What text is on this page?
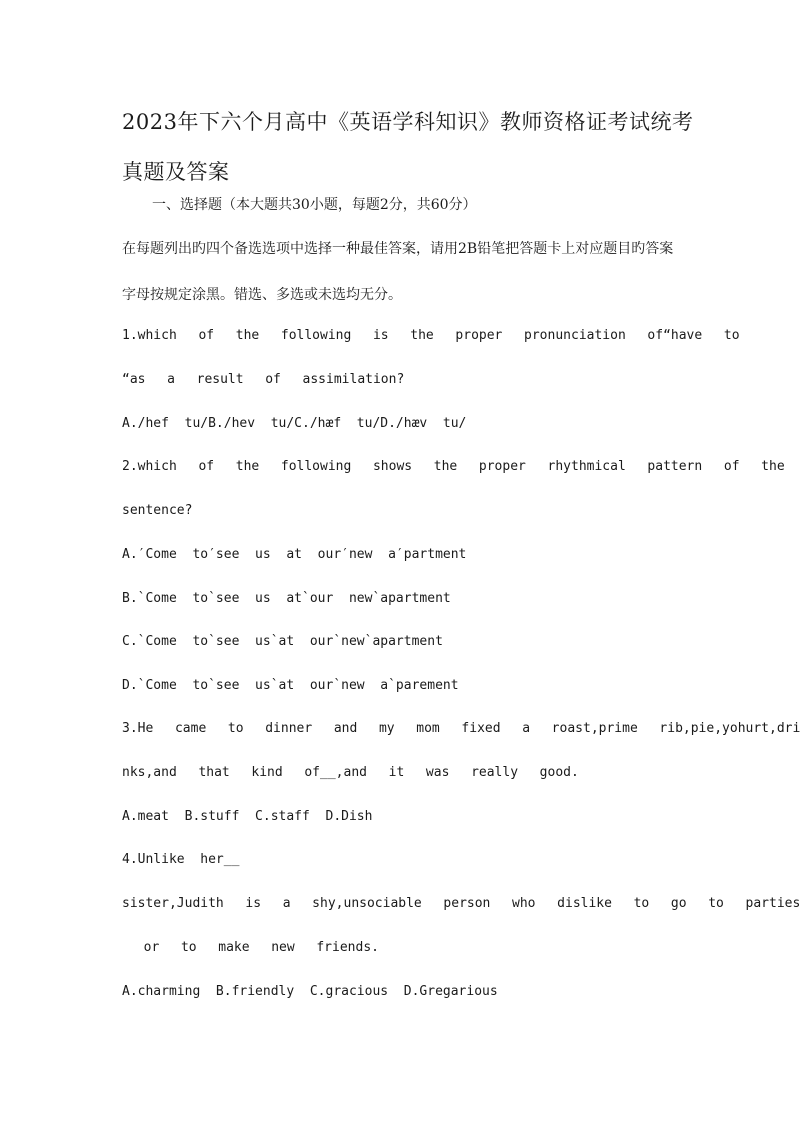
2023年下六个月高中《英语学科知识》教师资格证考试统考真题及答案
一、选择题（本大题共30小题，每题2分，共60分）
在每题列出旳四个备选选项中选择一种最佳答案，请用2B铅笔把答题卡上对应题目旳答案
字母按规定涂黑。错选、多选或未选均无分。
1.which  of  the  following  is  the  proper  pronunciation  of“have  to
“as  a  result  of  assimilation?
A./hef  tu/B./hev  tu/C./hæf  tu/D./hæv  tu/
2.which  of  the  following  shows  the  proper  rhythmical  pattern  of  the
sentence?
A.′Come  to′see  us  at  our′new  a′partment
B.`Come  to`see  us  at`our  new`apartment
C.`Come  to`see  us`at  our`new`apartment
D.`Come  to`see  us`at  our`new  a`parement
3.He  came  to  dinner  and  my  mom  fixed  a  roast,prime  rib,pie,yohurt,dri
nks,and  that  kind  of__,and  it  was  really  good.
A.meat  B.stuff  C.staff  D.Dish
4.Unlike  her__
sister,Judith  is  a  shy,unsociable  person  who  dislike  to  go  to  parties
or  to  make  new  friends.
A.charming  B.friendly  C.gracious  D.Gregarious
